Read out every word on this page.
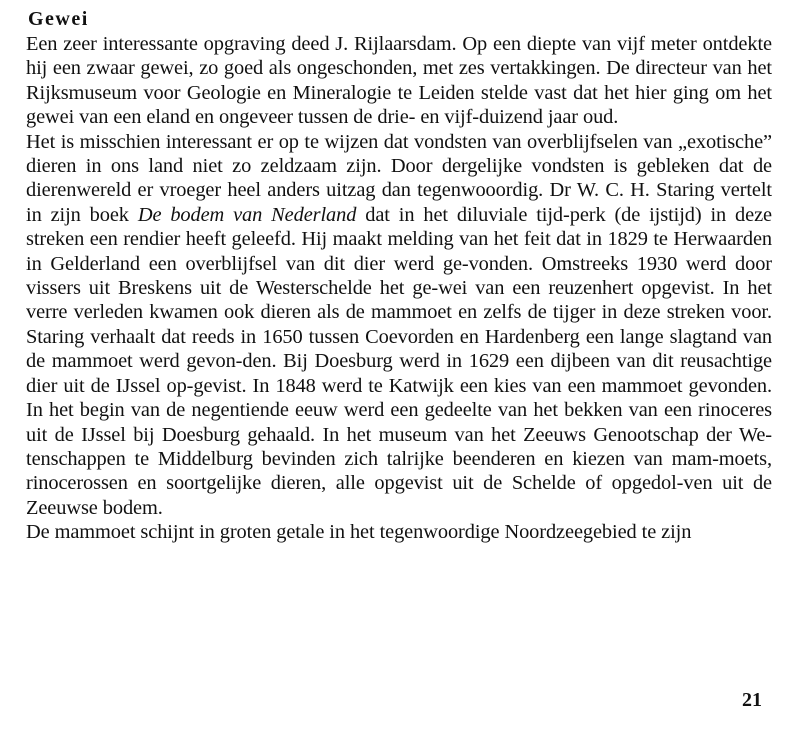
Gewei

Een zeer interessante opgraving deed J. Rijlaarsdam. Op een diepte van vijf meter ontdekte hij een zwaar gewei, zo goed als ongeschonden, met zes vertakkingen. De directeur van het Rijksmuseum voor Geologie en Mineralogie te Leiden stelde vast dat het hier ging om het gewei van een eland en ongeveer tussen de drie- en vijf-duizend jaar oud.

Het is misschien interessant er op te wijzen dat vondsten van overblijfselen van „exotische” dieren in ons land niet zo zeldzaam zijn. Door dergelijke vondsten is gebleken dat de dierenwereld er vroeger heel anders uitzag dan tegenwooordig. Dr W. C. H. Staring vertelt in zijn boek De bodem van Nederland dat in het diluviale tijd-perk (de ijstijd) in deze streken een rendier heeft geleefd. Hij maakt melding van het feit dat in 1829 te Herwaarden in Gelderland een overblijfsel van dit dier werd ge-vonden. Omstreeks 1930 werd door vissers uit Breskens uit de Westerschelde het ge-wei van een reuzenhert opgevist. In het verre verleden kwamen ook dieren als de mammoet en zelfs de tijger in deze streken voor. Staring verhaalt dat reeds in 1650 tussen Coevorden en Hardenberg een lange slagtand van de mammoet werd gevon-den. Bij Doesburg werd in 1629 een dijbeen van dit reusachtige dier uit de IJssel op-gevist. In 1848 werd te Katwijk een kies van een mammoet gevonden. In het begin van de negentiende eeuw werd een gedeelte van het bekken van een rinoceres uit de IJssel bij Doesburg gehaald. In het museum van het Zeeuws Genootschap der We-tenschappen te Middelburg bevinden zich talrijke beenderen en kiezen van mam-moets, rinocerossen en soortgelijke dieren, alle opgevist uit de Schelde of opgedol-ven uit de Zeeuwse bodem.

De mammoet schijnt in groten getale in het tegenwoordige Noordzeegebied te zijn

21
